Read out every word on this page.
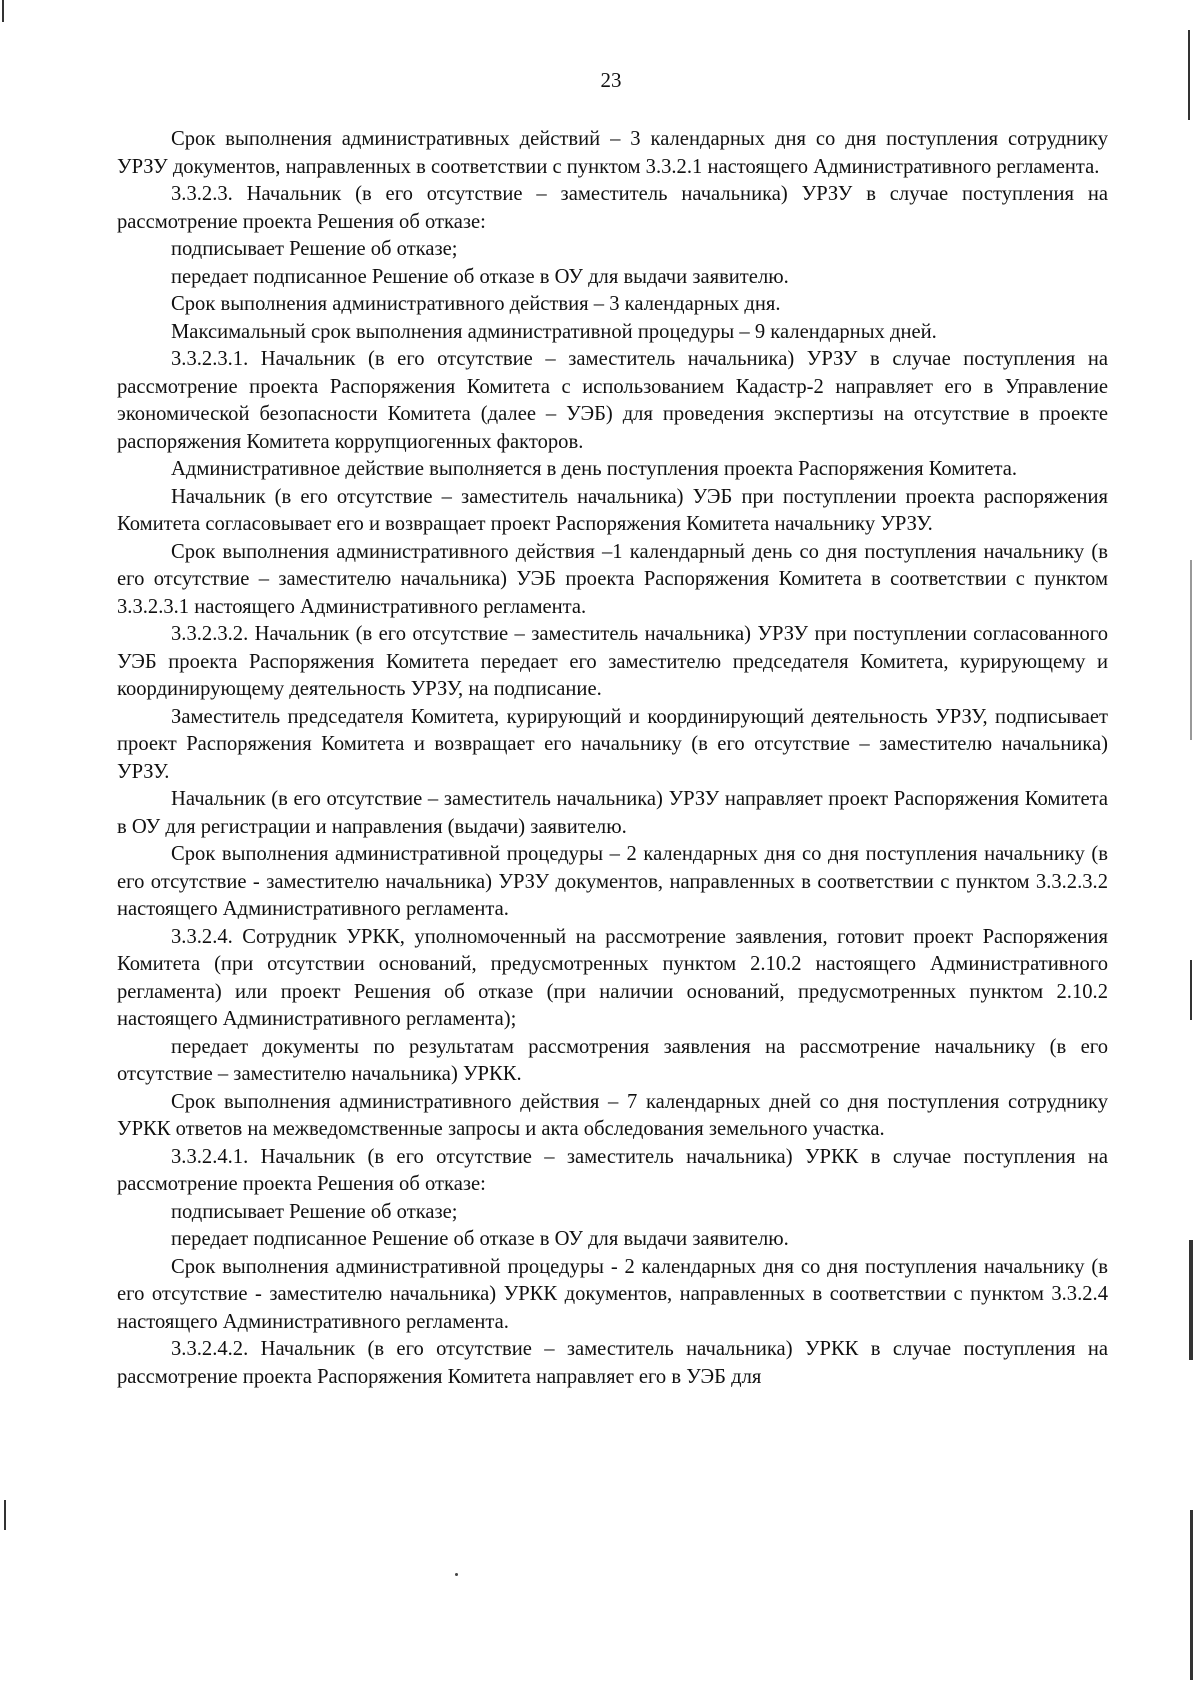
23

Срок выполнения административных действий – 3 календарных дня со дня поступления сотруднику УРЗУ документов, направленных в соответствии с пунктом 3.3.2.1 настоящего Административного регламента.

3.3.2.3. Начальник (в его отсутствие – заместитель начальника) УРЗУ в случае поступления на рассмотрение проекта Решения об отказе:

подписывает Решение об отказе;

передает подписанное Решение об отказе в ОУ для выдачи заявителю.

Срок выполнения административного действия – 3 календарных дня.

Максимальный срок выполнения административной процедуры – 9 календарных дней.

3.3.2.3.1. Начальник (в его отсутствие – заместитель начальника) УРЗУ в случае поступления на рассмотрение проекта Распоряжения Комитета с использованием Кадастр-2 направляет его в Управление экономической безопасности Комитета (далее – УЭБ) для проведения экспертизы на отсутствие в проекте распоряжения Комитета коррупциогенных факторов.

Административное действие выполняется в день поступления проекта Распоряжения Комитета.

Начальник (в его отсутствие – заместитель начальника) УЭБ при поступлении проекта распоряжения Комитета согласовывает его и возвращает проект Распоряжения Комитета начальнику УРЗУ.

Срок выполнения административного действия –1 календарный день со дня поступления начальнику (в его отсутствие – заместителю начальника) УЭБ проекта Распоряжения Комитета в соответствии с пунктом 3.3.2.3.1 настоящего Административного регламента.

3.3.2.3.2. Начальник (в его отсутствие – заместитель начальника) УРЗУ при поступлении согласованного УЭБ проекта Распоряжения Комитета передает его заместителю председателя Комитета, курирующему и координирующему деятельность УРЗУ, на подписание.

Заместитель председателя Комитета, курирующий и координирующий деятельность УРЗУ, подписывает проект Распоряжения Комитета и возвращает его начальнику (в его отсутствие – заместителю начальника) УРЗУ.

Начальник (в его отсутствие – заместитель начальника) УРЗУ направляет проект Распоряжения Комитета в ОУ для регистрации и направления (выдачи) заявителю.

Срок выполнения административной процедуры – 2 календарных дня со дня поступления начальнику (в его отсутствие - заместителю начальника) УРЗУ документов, направленных в соответствии с пунктом 3.3.2.3.2 настоящего Административного регламента.

3.3.2.4. Сотрудник УРКК, уполномоченный на рассмотрение заявления, готовит проект Распоряжения Комитета (при отсутствии оснований, предусмотренных пунктом 2.10.2 настоящего Административного регламента) или проект Решения об отказе (при наличии оснований, предусмотренных пунктом 2.10.2 настоящего Административного регламента);

передает документы по результатам рассмотрения заявления на рассмотрение начальнику (в его отсутствие – заместителю начальника) УРКК.

Срок выполнения административного действия – 7 календарных дней со дня поступления сотруднику УРКК ответов на межведомственные запросы и акта обследования земельного участка.

3.3.2.4.1. Начальник (в его отсутствие – заместитель начальника) УРКК в случае поступления на рассмотрение проекта Решения об отказе:

подписывает Решение об отказе;

передает подписанное Решение об отказе в ОУ для выдачи заявителю.

Срок выполнения административной процедуры - 2 календарных дня со дня поступления начальнику (в его отсутствие - заместителю начальника) УРКК документов, направленных в соответствии с пунктом 3.3.2.4 настоящего Административного регламента.

3.3.2.4.2. Начальник (в его отсутствие – заместитель начальника) УРКК в случае поступления на рассмотрение проекта Распоряжения Комитета направляет его в УЭБ для
